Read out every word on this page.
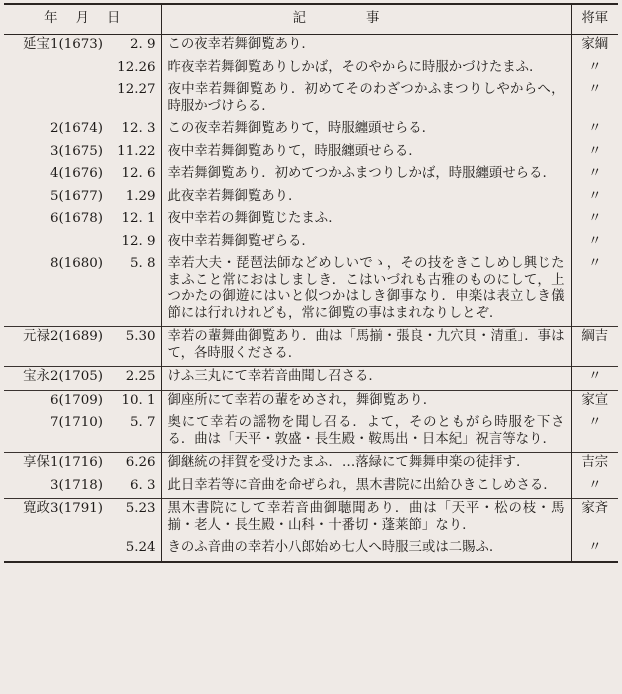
年 月 日		記 事	将軍
延宝1(1673)	2. 9	この夜幸若舞御覧あり.	家綱
	12.26	昨夜幸若舞御覧ありしかば，そのやからに時服かづけたまふ.	〃
	12.27	夜中幸若舞御覧あり．初めてそのわざつかふまつりしやからへ，時服かづけらる.	〃
2(1674)	12. 3	この夜幸若舞御覧ありて，時服纏頭せらる.	〃
3(1675)	11.22	夜中幸若舞御覧ありて，時服纏頭せらる.	〃
4(1676)	12. 6	幸若舞御覧あり．初めてつかふまつりしかば，時服纏頭せらる.	〃
5(1677)	1.29	此夜幸若舞御覧あり.	〃
6(1678)	12. 1	夜中幸若の舞御覧じたまふ.	〃
	12. 9	夜中幸若舞御覧ぜらる.	〃
8(1680)	5. 8	幸若大夫・琵琶法師などめしいでゝ，その技をきこしめし興じたまふこと常におはしましき．こはいづれも古雅のものにして，上つかたの御遊にはいと似つかはしき御事なり．申楽は表立しき儀節には行れけれども，常に御覧の事はまれなりしとぞ.	〃
元禄2(1689)	5.30	幸若の輩舞曲御覧あり．曲は「馬揃・張良・九穴貝・清重」．事はて，各時服くださる.	綱吉
宝永2(1705)	2.25	けふ三丸にて幸若音曲聞し召さる.	〃
6(1709)	10. 1	御座所にて幸若の輩をめされ，舞御覧あり.	家宣
7(1710)	5. 7	奥にて幸若の謡物を聞し召る．よて，そのともがら時服を下さる．曲は「天平・敦盛・長生殿・鞍馬出・日本紀」祝言等なり.	〃
享保1(1716)	6.26	御継統の拝賀を受けたまふ．…落緑にて舞舞申楽の徒拝す.	吉宗
3(1718)	6. 3	此日幸若等に音曲を命ぜられ，黒木書院に出給ひきこしめさる.	〃
寛政3(1791)	5.23	黒木書院にして幸若音曲御聴聞あり．曲は「天平・松の枝・馬揃・老人・長生殿・山科・十番切・蓬莱節」なり.	家斉
	5.24	きのふ音曲の幸若小八郎始め七人へ時服三或は二賜ふ.	〃
